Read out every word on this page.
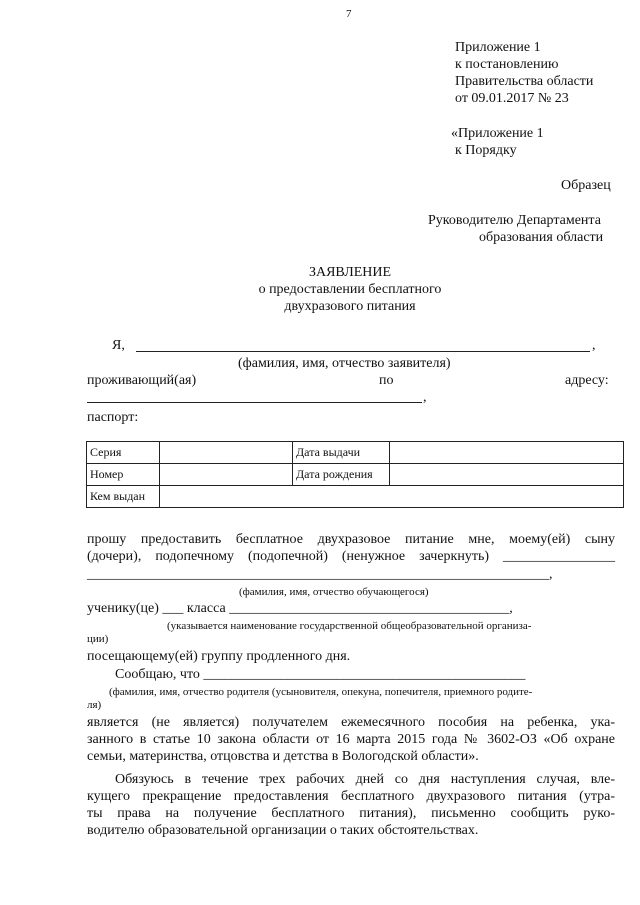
7
Приложение 1
к постановлению
Правительства области
от 09.01.2017 № 23
«Приложение 1
к Порядку
Образец
Руководителю Департамента
образования области
ЗАЯВЛЕНИЕ
о предоставлении бесплатного
двухразового питания
Я,	,
(фамилия, имя, отчество заявителя)
проживающий(ая)	по	адресу:
,
паспорт:
Серия		Дата выдачи	
Номер		Дата рождения	
Кем выдан			
прошу предоставить бесплатное двухразовое питание мне, моему(ей) сыну
(дочери), подопечному (подопечной) (ненужное зачеркнуть) ________________
__________________________________________________________________,
(фамилия, имя, отчество обучающегося)
ученику(це) ___ класса ________________________________________,
(указывается наименование государственной общеобразовательной организа-
ции)
посещающему(ей) группу продленного дня.
Сообщаю, что ______________________________________________
(фамилия, имя, отчество родителя (усыновителя, опекуна, попечителя, приемного родите-
ля)
является (не является) получателем ежемесячного пособия на ребенка, ука-
занного в статье 10 закона области от 16 марта 2015 года № 3602-ОЗ «Об охране
семьи, материнства, отцовства и детства в Вологодской области».
Обязуюсь в течение трех рабочих дней со дня наступления случая, вле-
кущего прекращение предоставления бесплатного двухразового питания (утра-
ты права на получение бесплатного питания), письменно сообщить руко-
водителю образовательной организации о таких обстоятельствах.
